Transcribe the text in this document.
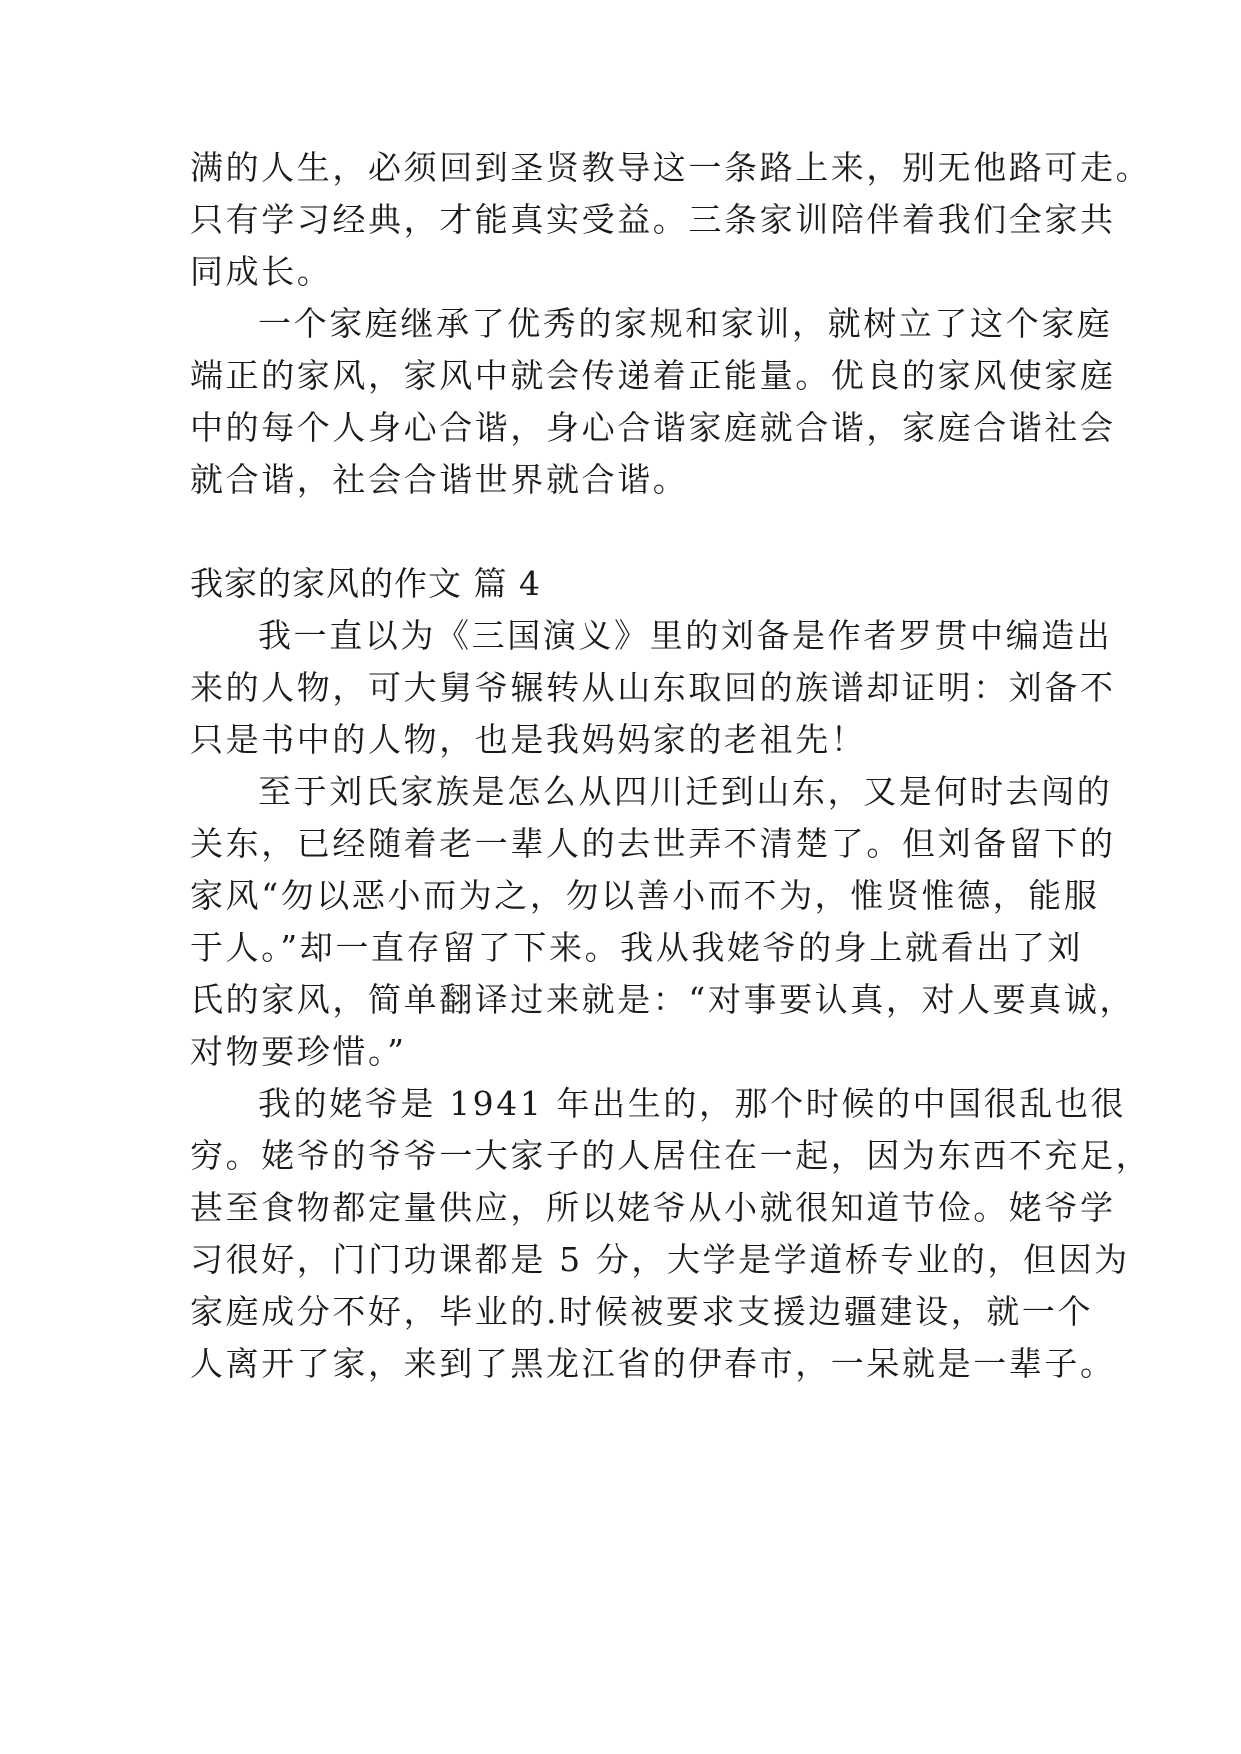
满的人生，必须回到圣贤教导这一条路上来，别无他路可走。
只有学习经典，才能真实受益。三条家训陪伴着我们全家共
同成长。
一个家庭继承了优秀的家规和家训，就树立了这个家庭
端正的家风，家风中就会传递着正能量。优良的家风使家庭
中的每个人身心合谐，身心合谐家庭就合谐，家庭合谐社会
就合谐，社会合谐世界就合谐。
我家的家风的作文 篇 4
我一直以为《三国演义》里的刘备是作者罗贯中编造出
来的人物，可大舅爷辗转从山东取回的族谱却证明：刘备不
只是书中的人物，也是我妈妈家的老祖先！
至于刘氏家族是怎么从四川迁到山东，又是何时去闯的
关东，已经随着老一辈人的去世弄不清楚了。但刘备留下的
家风“勿以恶小而为之，勿以善小而不为，惟贤惟德，能服
于人。”却一直存留了下来。我从我姥爷的身上就看出了刘
氏的家风，简单翻译过来就是：“对事要认真，对人要真诚，
对物要珍惜。”
我的姥爷是 1941 年出生的，那个时候的中国很乱也很
穷。姥爷的爷爷一大家子的人居住在一起，因为东西不充足，
甚至食物都定量供应，所以姥爷从小就很知道节俭。姥爷学
习很好，门门功课都是 5 分，大学是学道桥专业的，但因为
家庭成分不好，毕业的.时候被要求支援边疆建设，就一个
人离开了家，来到了黑龙江省的伊春市，一呆就是一辈子。
